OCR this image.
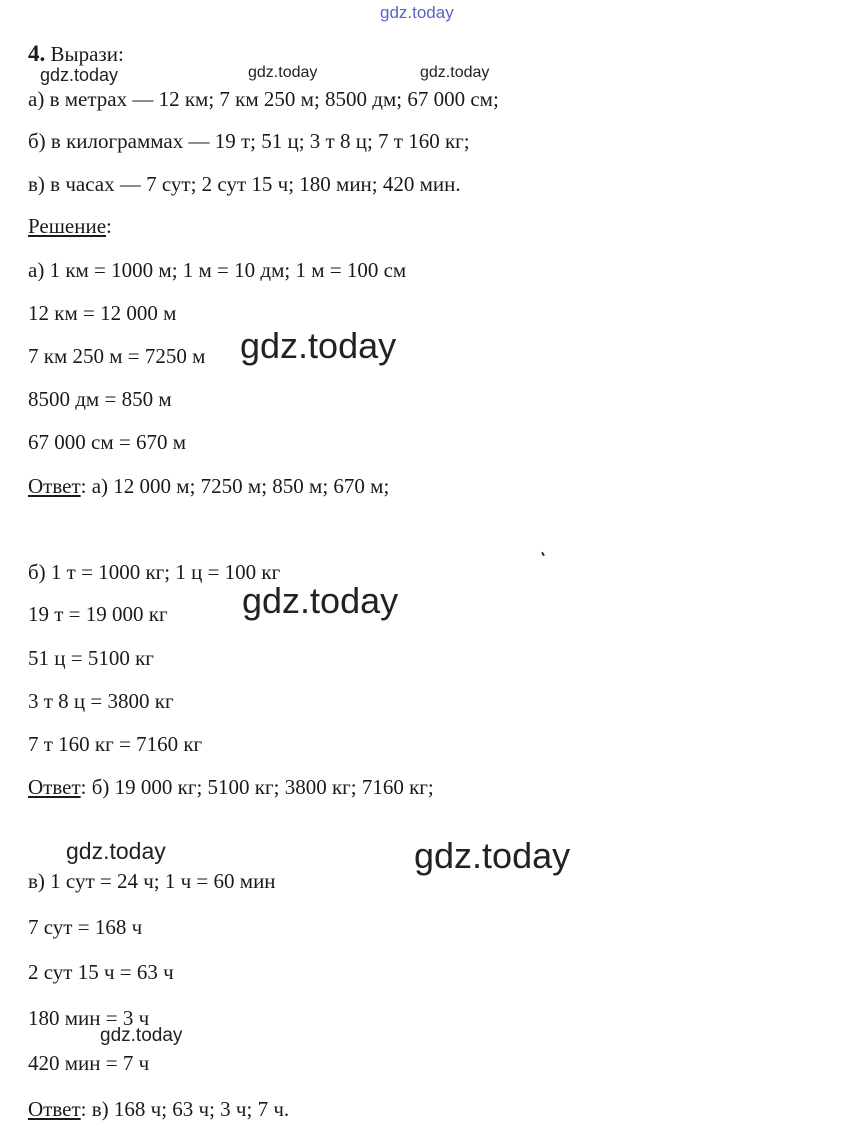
gdz.today
gdz.today	gdz.today	gdz.today
gdz.today
gdz.today
gdz.today	gdz.today
gdz.today
4. Вырази:
а) в метрах — 12 км; 7 км 250 м; 8500 дм; 67 000 см;
б) в килограммах — 19 т; 51 ц; 3 т 8 ц; 7 т 160 кг;
в) в часах — 7 сут; 2 сут 15 ч; 180 мин; 420 мин.
Решение:
а) 1 км = 1000 м; 1 м = 10 дм; 1 м = 100 см
12 км = 12 000 м
7 км 250 м = 7250 м
8500 дм = 850 м
67 000 см = 670 м
Ответ: а) 12 000 м; 7250 м; 850 м; 670 м;
б) 1 т = 1000 кг; 1 ц = 100 кг
19 т = 19 000 кг
51 ц = 5100 кг
3 т 8 ц = 3800 кг
7 т 160 кг = 7160 кг
Ответ: б) 19 000 кг; 5100 кг; 3800 кг; 7160 кг;
в) 1 сут = 24 ч; 1 ч = 60 мин
7 сут = 168 ч
2 сут 15 ч = 63 ч
180 мин = 3 ч
420 мин = 7 ч
Ответ: в) 168 ч; 63 ч; 3 ч; 7 ч.
